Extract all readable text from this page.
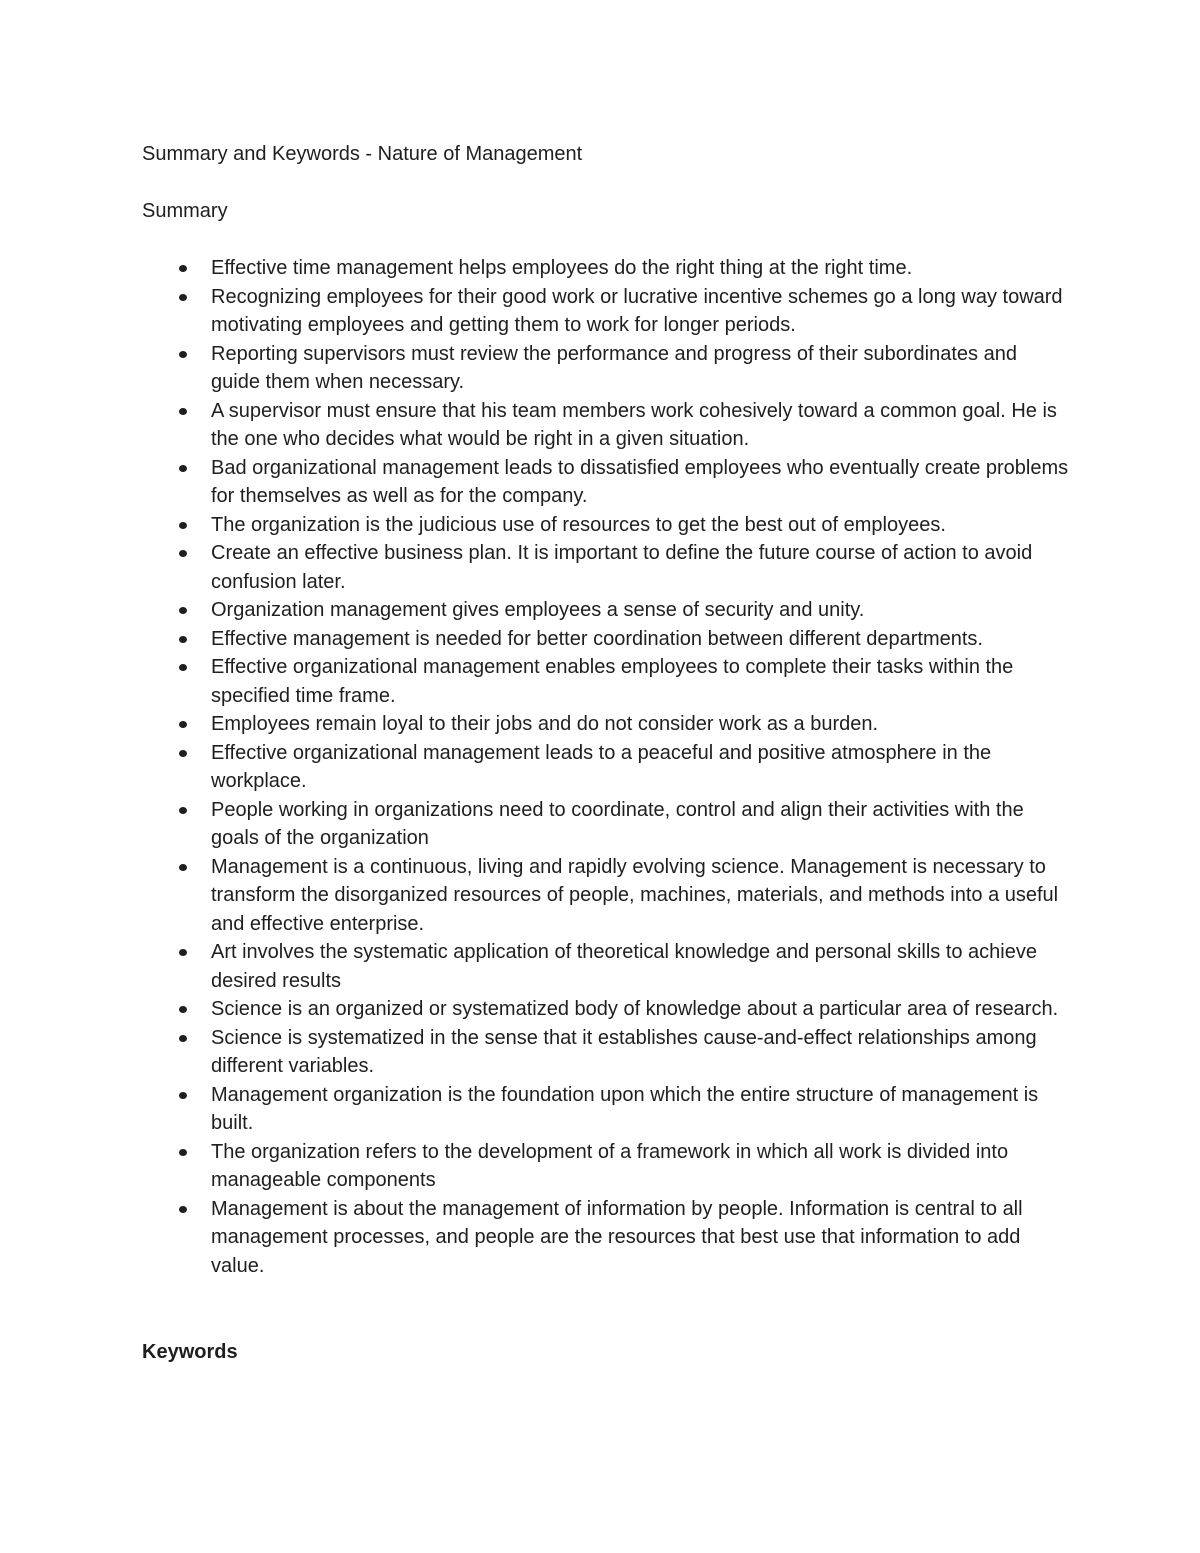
Summary and Keywords - Nature of Management
Summary
Effective time management helps employees do the right thing at the right time.
Recognizing employees for their good work or lucrative incentive schemes go a long way toward motivating employees and getting them to work for longer periods.
Reporting supervisors must review the performance and progress of their subordinates and guide them when necessary.
A supervisor must ensure that his team members work cohesively toward a common goal. He is the one who decides what would be right in a given situation.
Bad organizational management leads to dissatisfied employees who eventually create problems for themselves as well as for the company.
The organization is the judicious use of resources to get the best out of employees.
Create an effective business plan. It is important to define the future course of action to avoid confusion later.
Organization management gives employees a sense of security and unity.
Effective management is needed for better coordination between different departments.
Effective organizational management enables employees to complete their tasks within the specified time frame.
Employees remain loyal to their jobs and do not consider work as a burden.
Effective organizational management leads to a peaceful and positive atmosphere in the workplace.
People working in organizations need to coordinate, control and align their activities with the goals of the organization
Management is a continuous, living and rapidly evolving science. Management is necessary to transform the disorganized resources of people, machines, materials, and methods into a useful and effective enterprise.
Art involves the systematic application of theoretical knowledge and personal skills to achieve desired results
Science is an organized or systematized body of knowledge about a particular area of research.
Science is systematized in the sense that it establishes cause-and-effect relationships among different variables.
Management organization is the foundation upon which the entire structure of management is built.
The organization refers to the development of a framework in which all work is divided into manageable components
Management is about the management of information by people. Information is central to all management processes, and people are the resources that best use that information to add value.
Keywords
